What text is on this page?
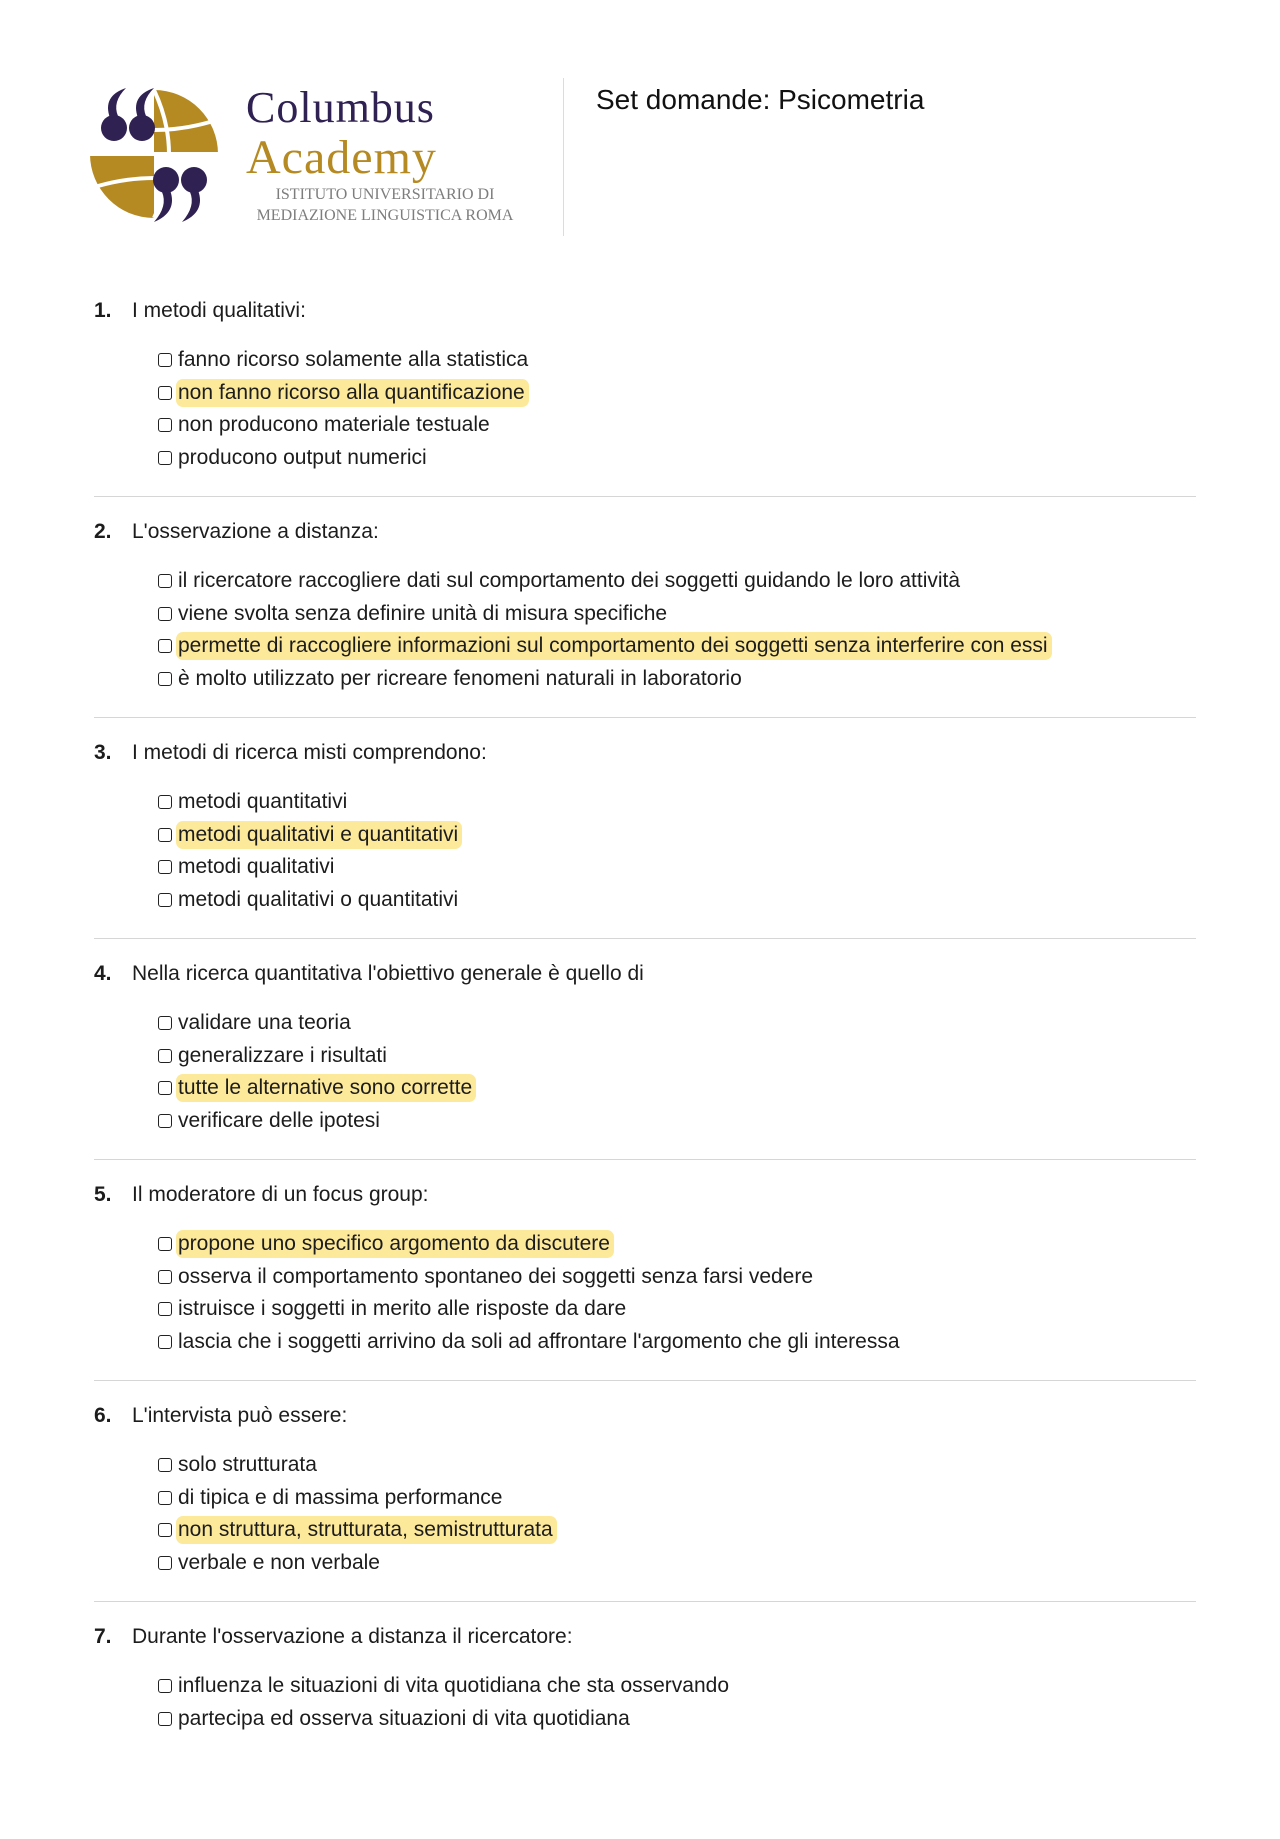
Columbus
Academy
ISTITUTO UNIVERSITARIO DI
MEDIAZIONE LINGUISTICA ROMA
Set domande: Psicometria
1. I metodi qualitativi:
fanno ricorso solamente alla statistica
non fanno ricorso alla quantificazione
non producono materiale testuale
producono output numerici
2. L'osservazione a distanza:
il ricercatore raccogliere dati sul comportamento dei soggetti guidando le loro attività
viene svolta senza definire unità di misura specifiche
permette di raccogliere informazioni sul comportamento dei soggetti senza interferire con essi
è molto utilizzato per ricreare fenomeni naturali in laboratorio
3. I metodi di ricerca misti comprendono:
metodi quantitativi
metodi qualitativi e quantitativi
metodi qualitativi
metodi qualitativi o quantitativi
4. Nella ricerca quantitativa l'obiettivo generale è quello di
validare una teoria
generalizzare i risultati
tutte le alternative sono corrette
verificare delle ipotesi
5. Il moderatore di un focus group:
propone uno specifico argomento da discutere
osserva il comportamento spontaneo dei soggetti senza farsi vedere
istruisce i soggetti in merito alle risposte da dare
lascia che i soggetti arrivino da soli ad affrontare l'argomento che gli interessa
6. L'intervista può essere:
solo strutturata
di tipica e di massima performance
non struttura, strutturata, semistrutturata
verbale e non verbale
7. Durante l'osservazione a distanza il ricercatore:
influenza le situazioni di vita quotidiana che sta osservando
partecipa ed osserva situazioni di vita quotidiana
